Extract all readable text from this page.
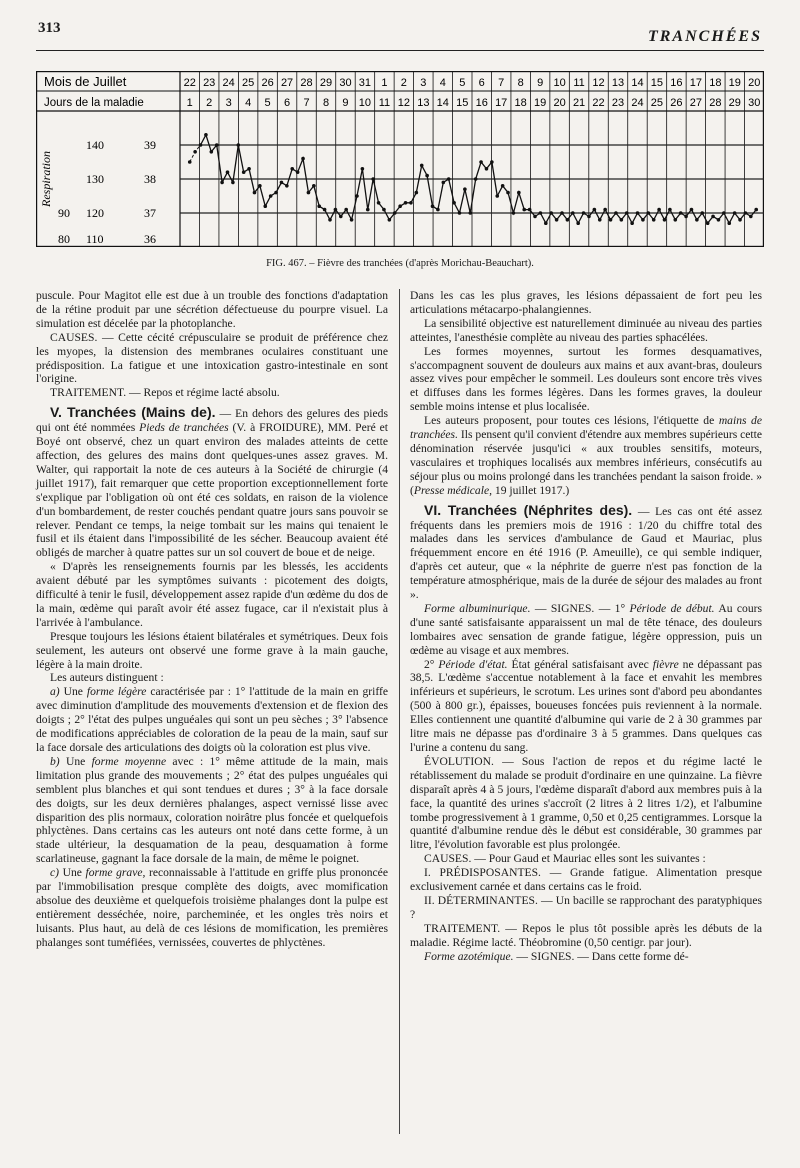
313	TRANCHÉES
Mois de Juillet
Jours de la maladie
22 23 24 25 26 27 28 29 30 31 1 2 3 4 5 6 7 8 9 10 11 12 13 14 15 16 17 18 19 20
1 2 3 4 5 6 7 8 9 10 11 12 13 14 15 16 17 18 19 20 21 22 23 24 25 26 27 28 29 30
Respiration
90
80
140
130
120
110
39
38
37
36
FIG. 467. – Fièvre des tranchées (d'après Morichau-Beauchart).

puscule. Pour Magitot elle est due à un trouble des fonctions d'adaptation de la rétine produit par une sécrétion défectueuse du pourpre visuel. La simulation est décelée par la photoplanche.

CAUSES. — Cette cécité crépusculaire se produit de préférence chez les myopes, la distension des membranes oculaires constituant une prédisposition. La fatigue et une intoxication gastro-intestinale en sont l'origine.

TRAITEMENT. — Repos et régime lacté absolu.

V. Tranchées (Mains de). — En dehors des gelures des pieds qui ont été nommées Pieds de tranchées (V. à FROIDURE), MM. Peré et Boyé ont observé, chez un quart environ des malades atteints de cette affection, des gelures des mains dont quelques-unes assez graves. M. Walter, qui rapportait la note de ces auteurs à la Société de chirurgie (4 juillet 1917), fait remarquer que cette proportion exceptionnellement forte s'explique par l'obligation où ont été ces soldats, en raison de la violence d'un bombardement, de rester couchés pendant quatre jours sans pouvoir se relever. Pendant ce temps, la neige tombait sur les mains qui tenaient le fusil et ils étaient dans l'impossibilité de les sécher. Beaucoup avaient été obligés de marcher à quatre pattes sur un sol couvert de boue et de neige.

« D'après les renseignements fournis par les blessés, les accidents avaient débuté par les symptômes suivants : picotement des doigts, difficulté à tenir le fusil, développement assez rapide d'un œdème du dos de la main, œdème qui paraît avoir été assez fugace, car il n'existait plus à l'arrivée à l'ambulance.

Presque toujours les lésions étaient bilatérales et symétriques. Deux fois seulement, les auteurs ont observé une forme grave à la main gauche, légère à la main droite.

Les auteurs distinguent :

a) Une forme légère caractérisée par : 1° l'attitude de la main en griffe avec diminution d'amplitude des mouvements d'extension et de flexion des doigts ; 2° l'état des pulpes unguéales qui sont un peu sèches ; 3° l'absence de modifications appréciables de coloration de la peau de la main, sauf sur la face dorsale des articulations des doigts où la coloration est plus vive.

b) Une forme moyenne avec : 1° même attitude de la main, mais limitation plus grande des mouvements ; 2° état des pulpes unguéales qui semblent plus blanches et qui sont tendues et dures ; 3° à la face dorsale des doigts, sur les deux dernières phalanges, aspect vernissé lisse avec disparition des plis normaux, coloration noirâtre plus foncée et quelquefois phlyctènes. Dans certains cas les auteurs ont noté dans cette forme, à un stade ultérieur, la desquamation de la peau, desquamation à forme scarlatineuse, gagnant la face dorsale de la main, de même le poignet.

c) Une forme grave, reconnaissable à l'attitude en griffe plus prononcée par l'immobilisation presque complète des doigts, avec momification absolue des deuxième et quelquefois troisième phalanges dont la pulpe est entièrement desséchée, noire, parcheminée, et les ongles très noirs et luisants. Plus haut, au delà de ces lésions de momification, les premières phalanges sont tuméfiées, vernissées, couvertes de phlyctènes.

Dans les cas les plus graves, les lésions dépassaient de fort peu les articulations métacarpo-phalangiennes.

La sensibilité objective est naturellement diminuée au niveau des parties atteintes, l'anesthésie complète au niveau des parties sphacélées.

Les formes moyennes, surtout les formes desquamatives, s'accompagnent souvent de douleurs aux mains et aux avant-bras, douleurs assez vives pour empêcher le sommeil. Les douleurs sont encore très vives et diffuses dans les formes légères. Dans les formes graves, la douleur semble moins intense et plus localisée.

Les auteurs proposent, pour toutes ces lésions, l'étiquette de mains de tranchées. Ils pensent qu'il convient d'étendre aux membres supérieurs cette dénomination réservée jusqu'ici « aux troubles sensitifs, moteurs, vasculaires et trophiques localisés aux membres inférieurs, consécutifs au séjour plus ou moins prolongé dans les tranchées pendant la saison froide. » (Presse médicale, 19 juillet 1917.)

VI. Tranchées (Néphrites des). — Les cas ont été assez fréquents dans les premiers mois de 1916 : 1/20 du chiffre total des malades dans les services d'ambulance de Gaud et Mauriac, plus fréquemment encore en été 1916 (P. Ameuille), ce qui semble indiquer, d'après cet auteur, que « la néphrite de guerre n'est pas fonction de la température atmosphérique, mais de la durée de séjour des malades au front ».

Forme albuminurique. — SIGNES. — 1° Période de début. Au cours d'une santé satisfaisante apparaissent un mal de tête ténace, des douleurs lombaires avec sensation de grande fatigue, légère oppression, puis un œdème au visage et aux membres.

2° Période d'état. État général satisfaisant avec fièvre ne dépassant pas 38,5. L'œdème s'accentue notablement à la face et envahit les membres inférieurs et supérieurs, le scrotum. Les urines sont d'abord peu abondantes (500 à 800 gr.), épaisses, boueuses foncées puis reviennent à la normale. Elles contiennent une quantité d'albumine qui varie de 2 à 30 grammes par litre mais ne dépasse pas d'ordinaire 3 à 5 grammes. Dans quelques cas l'urine a contenu du sang.

ÉVOLUTION. — Sous l'action de repos et du régime lacté le rétablissement du malade se produit d'ordinaire en une quinzaine. La fièvre disparaît après 4 à 5 jours, l'œdème disparaît d'abord aux membres puis à la face, la quantité des urines s'accroît (2 litres à 2 litres 1/2), et l'albumine tombe progressivement à 1 gramme, 0,50 et 0,25 centigrammes. Lorsque la quantité d'albumine rendue dès le début est considérable, 30 grammes par litre, l'évolution favorable est plus prolongée.

CAUSES. — Pour Gaud et Mauriac elles sont les suivantes :

I. PRÉDISPOSANTES. — Grande fatigue. Alimentation presque exclusivement carnée et dans certains cas le froid.

II. DÉTERMINANTES. — Un bacille se rapprochant des paratyphiques ?

TRAITEMENT. — Repos le plus tôt possible après les débuts de la maladie. Régime lacté. Théobromine (0,50 centigr. par jour).

Forme azotémique. — SIGNES. — Dans cette forme dé-
